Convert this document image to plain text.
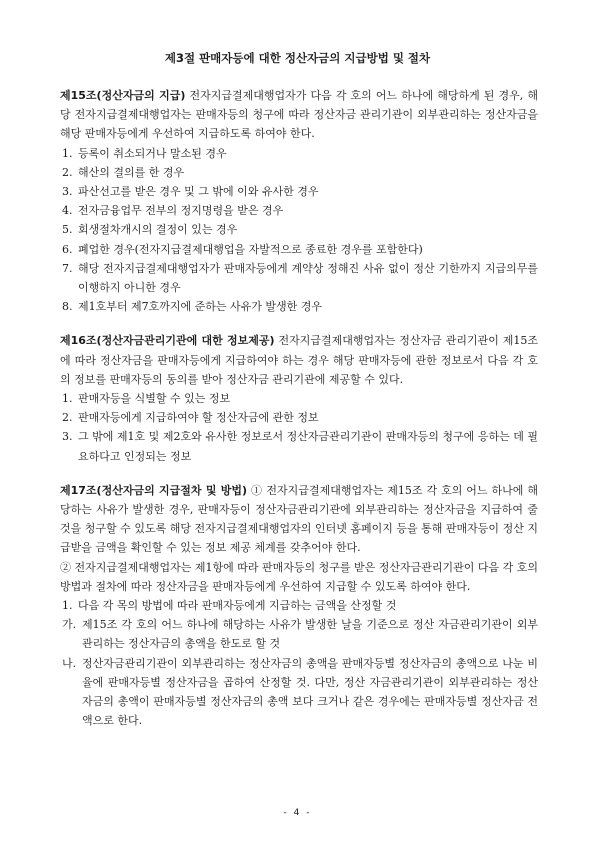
제3절 판매자등에 대한 정산자금의 지급방법 및 절차

제15조(정산자금의 지급) 전자지급결제대행업자가 다음 각 호의 어느 하나에 해당하게 된 경우, 해당 전자지급결제대행업자는 판매자등의 청구에 따라 정산자금 관리기관이 외부관리하는 정산자금을 해당 판매자등에게 우선하여 지급하도록 하여야 한다.

1. 등록이 취소되거나 말소된 경우
2. 해산의 결의를 한 경우
3. 파산선고를 받은 경우 및 그 밖에 이와 유사한 경우
4. 전자금융업무 전부의 정지명령을 받은 경우
5. 회생절차개시의 결정이 있는 경우
6. 폐업한 경우(전자지급결제대행업을 자발적으로 종료한 경우를 포함한다)
7. 해당 전자지급결제대행업자가 판매자등에게 계약상 정해진 사유 없이 정산 기한까지 지급의무를 이행하지 아니한 경우
8. 제1호부터 제7호까지에 준하는 사유가 발생한 경우

제16조(정산자금관리기관에 대한 정보제공) 전자지급결제대행업자는 정산자금 관리기관이 제15조에 따라 정산자금을 판매자등에게 지급하여야 하는 경우 해당 판매자등에 관한 정보로서 다음 각 호의 정보를 판매자등의 동의를 받아 정산자금 관리기관에 제공할 수 있다.

1. 판매자등을 식별할 수 있는 정보
2. 판매자등에게 지급하여야 할 정산자금에 관한 정보
3. 그 밖에 제1호 및 제2호와 유사한 정보로서 정산자금관리기관이 판매자등의 청구에 응하는 데 필요하다고 인정되는 정보

제17조(정산자금의 지급절차 및 방법) ① 전자지급결제대행업자는 제15조 각 호의 어느 하나에 해당하는 사유가 발생한 경우, 판매자등이 정산자금관리기관에 외부관리하는 정산자금을 지급하여 줄 것을 청구할 수 있도록 해당 전자지급결제대행업자의 인터넷 홈페이지 등을 통해 판매자등이 정산 지급받을 금액을 확인할 수 있는 정보 제공 체계를 갖추어야 한다.

② 전자지급결제대행업자는 제1항에 따라 판매자등의 청구를 받은 정산자금관리기관이 다음 각 호의 방법과 절차에 따라 정산자금을 판매자등에게 우선하여 지급할 수 있도록 하여야 한다.

1. 다음 각 목의 방법에 따라 판매자등에게 지급하는 금액을 산정할 것
가. 제15조 각 호의 어느 하나에 해당하는 사유가 발생한 날을 기준으로 정산 자금관리기관이 외부관리하는 정산자금의 총액을 한도로 할 것
나. 정산자금관리기관이 외부관리하는 정산자금의 총액을 판매자등별 정산자금의 총액으로 나눈 비율에 판매자등별 정산자금을 곱하여 산정할 것. 다만, 정산 자금관리기관이 외부관리하는 정산자금의 총액이 판매자등별 정산자금의 총액 보다 크거나 같은 경우에는 판매자등별 정산자금 전액으로 한다.
- 4 -
